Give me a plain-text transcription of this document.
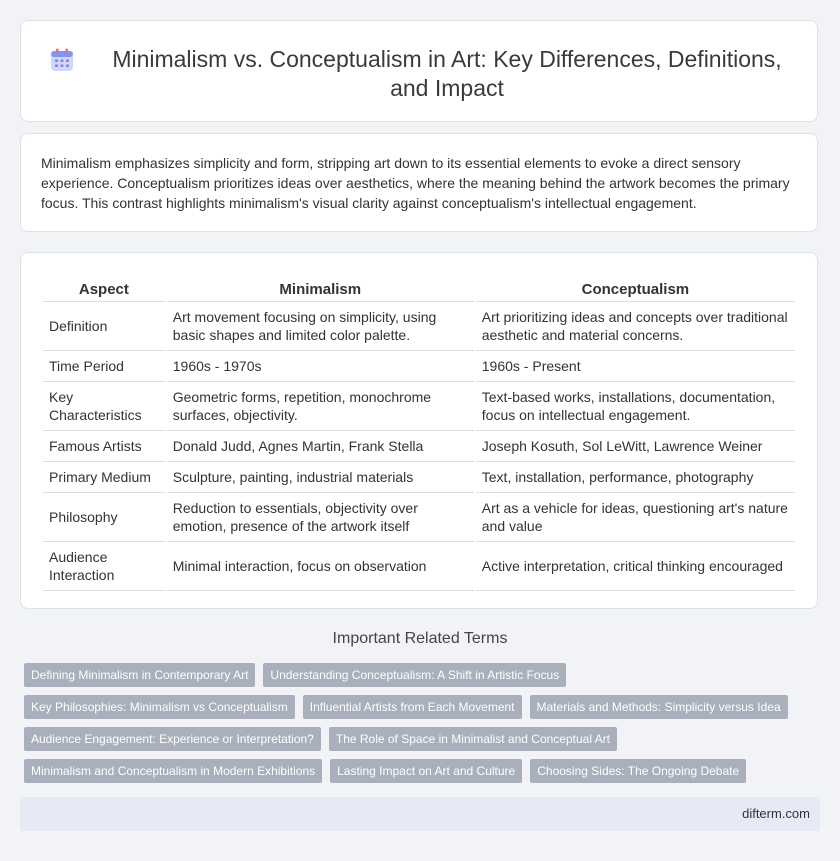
Minimalism vs. Conceptualism in Art: Key Differences, Definitions, and Impact

Minimalism emphasizes simplicity and form, stripping art down to its essential elements to evoke a direct sensory experience. Conceptualism prioritizes ideas over aesthetics, where the meaning behind the artwork becomes the primary focus. This contrast highlights minimalism's visual clarity against conceptualism's intellectual engagement.

Aspect	Minimalism	Conceptualism
Definition	Art movement focusing on simplicity, using basic shapes and limited color palette.	Art prioritizing ideas and concepts over traditional aesthetic and material concerns.
Time Period	1960s - 1970s	1960s - Present
Key Characteristics	Geometric forms, repetition, monochrome surfaces, objectivity.	Text-based works, installations, documentation, focus on intellectual engagement.
Famous Artists	Donald Judd, Agnes Martin, Frank Stella	Joseph Kosuth, Sol LeWitt, Lawrence Weiner
Primary Medium	Sculpture, painting, industrial materials	Text, installation, performance, photography
Philosophy	Reduction to essentials, objectivity over emotion, presence of the artwork itself	Art as a vehicle for ideas, questioning art's nature and value
Audience Interaction	Minimal interaction, focus on observation	Active interpretation, critical thinking encouraged
Important Related Terms
Defining Minimalism in Contemporary Art	Understanding Conceptualism: A Shift in Artistic Focus
Key Philosophies: Minimalism vs Conceptualism	Influential Artists from Each Movement	Materials and Methods: Simplicity versus Idea
Audience Engagement: Experience or Interpretation?	The Role of Space in Minimalist and Conceptual Art
Minimalism and Conceptualism in Modern Exhibitions	Lasting Impact on Art and Culture	Choosing Sides: The Ongoing Debate
difterm.com
